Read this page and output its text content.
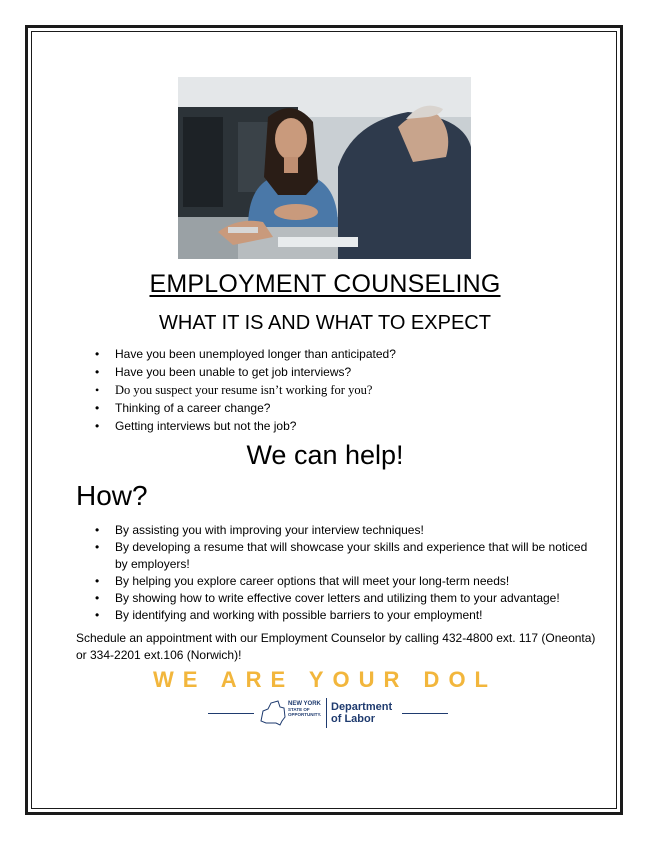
EMPLOYMENT COUNSELING
WHAT IT IS AND WHAT TO EXPECT
• Have you been unemployed longer than anticipated?
• Have you been unable to get job interviews?
• Do you suspect your resume isn’t working for you?
• Thinking of a career change?
• Getting interviews but not the job?
We can help!
How?
• By assisting you with improving your interview techniques!
• By developing a resume that will showcase your skills and experience that will be noticed by employers!
• By helping you explore career options that will meet your long-term needs!
• By showing how to write effective cover letters and utilizing them to your advantage!
• By identifying and working with possible barriers to your employment!

Schedule an appointment with our Employment Counselor by calling 432-4800 ext. 117 (Oneonta) or 334-2201 ext.106 (Norwich)!

WE ARE YOUR DOL

NEW YORK
STATE OF
OPPORTUNITY.
Department
of Labor
